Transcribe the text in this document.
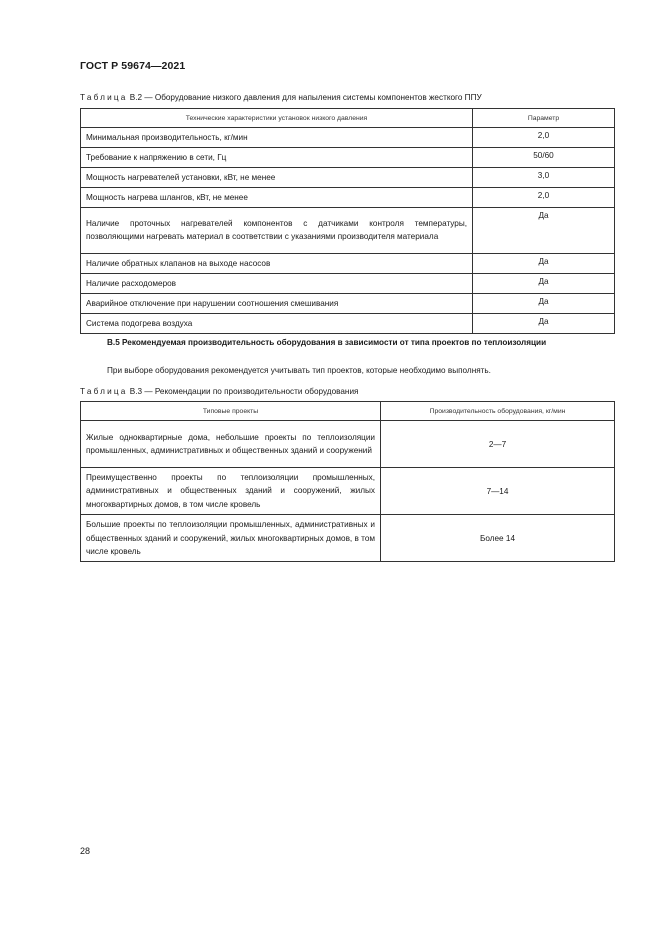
ГОСТ Р 59674—2021
Таблица В.2 — Оборудование низкого давления для напыления системы компонентов жесткого ППУ
Технические характеристики установок низкого давления	Параметр
Минимальная производительность, кг/мин	2,0
Требование к напряжению в сети, Гц	50/60
Мощность нагревателей установки, кВт, не менее	3,0
Мощность нагрева шлангов, кВт, не менее	2,0
Наличие проточных нагревателей компонентов с датчиками контроля температуры, позволяющими нагревать материал в соответствии с указаниями производителя материала	Да
Наличие обратных клапанов на выходе насосов	Да
Наличие расходомеров	Да
Аварийное отключение при нарушении соотношения смешивания	Да
Система подогрева воздуха	Да
В.5 Рекомендуемая производительность оборудования в зависимости от типа проектов по теплоизоляции
При выборе оборудования рекомендуется учитывать тип проектов, которые необходимо выполнять.
Таблица В.3 — Рекомендации по производительности оборудования
Типовые проекты	Производительность оборудования, кг/мин
Жилые одноквартирные дома, небольшие проекты по теплоизоляции промышленных, административных и общественных зданий и сооружений	2—7
Преимущественно проекты по теплоизоляции промышленных, административных и общественных зданий и сооружений, жилых многоквартирных домов, в том числе кровель	7—14
Большие проекты по теплоизоляции промышленных, административных и общественных зданий и сооружений, жилых многоквартирных домов, в том числе кровель	Более 14
28
